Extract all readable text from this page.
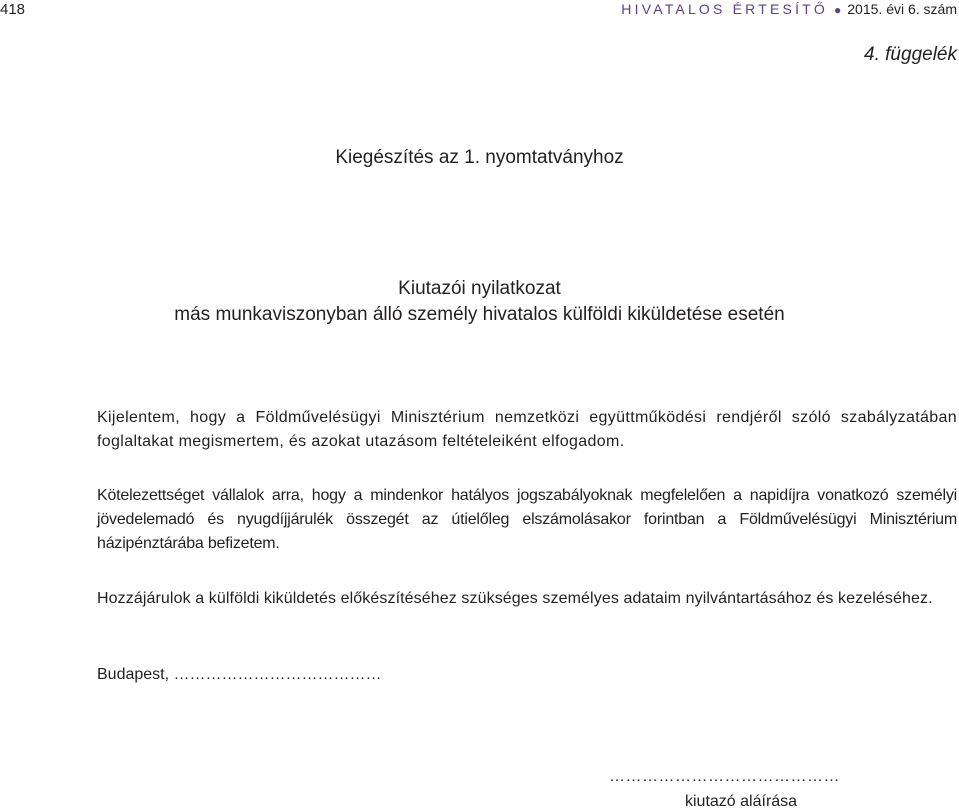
418	HIVATALOS ÉRTESÍTŐ ● 2015. évi 6. szám
4. függelék
Kiegészítés az 1. nyomtatványhoz
Kiutazói nyilatkozat
más munkaviszonyban álló személy hivatalos külföldi kiküldetése esetén
Kijelentem, hogy a Földművelésügyi Minisztérium nemzetközi együttműködési rendjéről szóló szabályzatában foglaltakat megismertem, és azokat utazásom feltételeiként elfogadom.
Kötelezettséget vállalok arra, hogy a mindenkor hatályos jogszabályoknak megfelelően a napidíjra vonatkozó személyi jövedelemadó és nyugdíjjárulék összegét az útielőleg elszámolásakor forintban a Földművelésügyi Minisztérium házipénztárába befizetem.
Hozzájárulok a külföldi kiküldetés előkészítéséhez szükséges személyes adataim nyilvántartásához és kezeléséhez.
Budapest, …………………………………
……………………………………
kiutazó aláírása
